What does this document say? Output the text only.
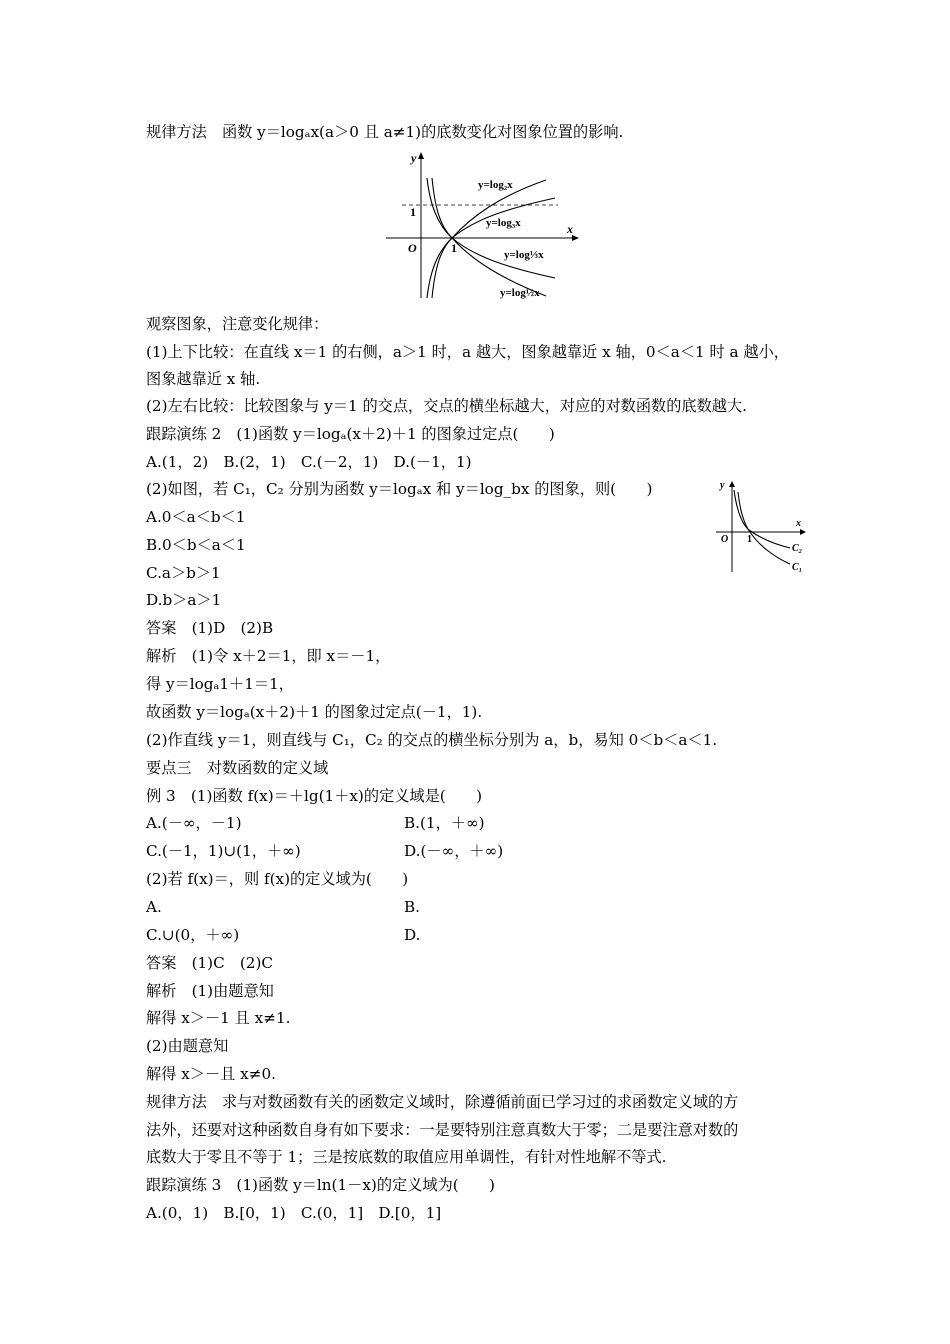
x
y
O	1
1
y=log₂x
y=log₃x
y=log⅓x
y=log½x
x
y
O 1
C₂
C₁
规律方法　函数 y＝logₐx(a＞0 且 a≠1)的底数变化对图象位置的影响.
观察图象，注意变化规律：
(1)上下比较：在直线 x＝1 的右侧，a＞1 时，a 越大，图象越靠近 x 轴，0＜a＜1 时 a 越小，
图象越靠近 x 轴.
(2)左右比较：比较图象与 y＝1 的交点，交点的横坐标越大，对应的对数函数的底数越大.
跟踪演练 2　(1)函数 y＝logₐ(x＋2)＋1 的图象过定点(　　)
A.(1，2)　B.(2，1)　C.(－2，1)　D.(－1，1)
(2)如图，若 C₁，C₂ 分别为函数 y＝logₐx 和 y＝log_bx 的图象，则(　　)
A.0＜a＜b＜1
B.0＜b＜a＜1
C.a＞b＞1
D.b＞a＞1
答案　(1)D　(2)B
解析　(1)令 x＋2＝1，即 x＝－1，
得 y＝logₐ1＋1＝1，
故函数 y＝logₐ(x＋2)＋1 的图象过定点(－1，1).
(2)作直线 y＝1，则直线与 C₁，C₂ 的交点的横坐标分别为 a，b，易知 0＜b＜a＜1.
要点三　对数函数的定义域
例 3　(1)函数 f(x)＝＋lg(1＋x)的定义域是(　　)
A.(－∞，－1)	B.(1，＋∞)
C.(－1，1)∪(1，＋∞)	D.(－∞，＋∞)
(2)若 f(x)＝，则 f(x)的定义域为(　　)
A.	B.
C.∪(0，＋∞)	D.
答案　(1)C　(2)C
解析　(1)由题意知
解得 x＞－1 且 x≠1.
(2)由题意知
解得 x＞－且 x≠0.
规律方法　求与对数函数有关的函数定义域时，除遵循前面已学习过的求函数定义域的方
法外，还要对这种函数自身有如下要求：一是要特别注意真数大于零；二是要注意对数的
底数大于零且不等于 1；三是按底数的取值应用单调性，有针对性地解不等式.
跟踪演练 3　(1)函数 y＝ln(1－x)的定义域为(　　)
A.(0，1)　B.[0，1)　C.(0，1]　D.[0，1]
